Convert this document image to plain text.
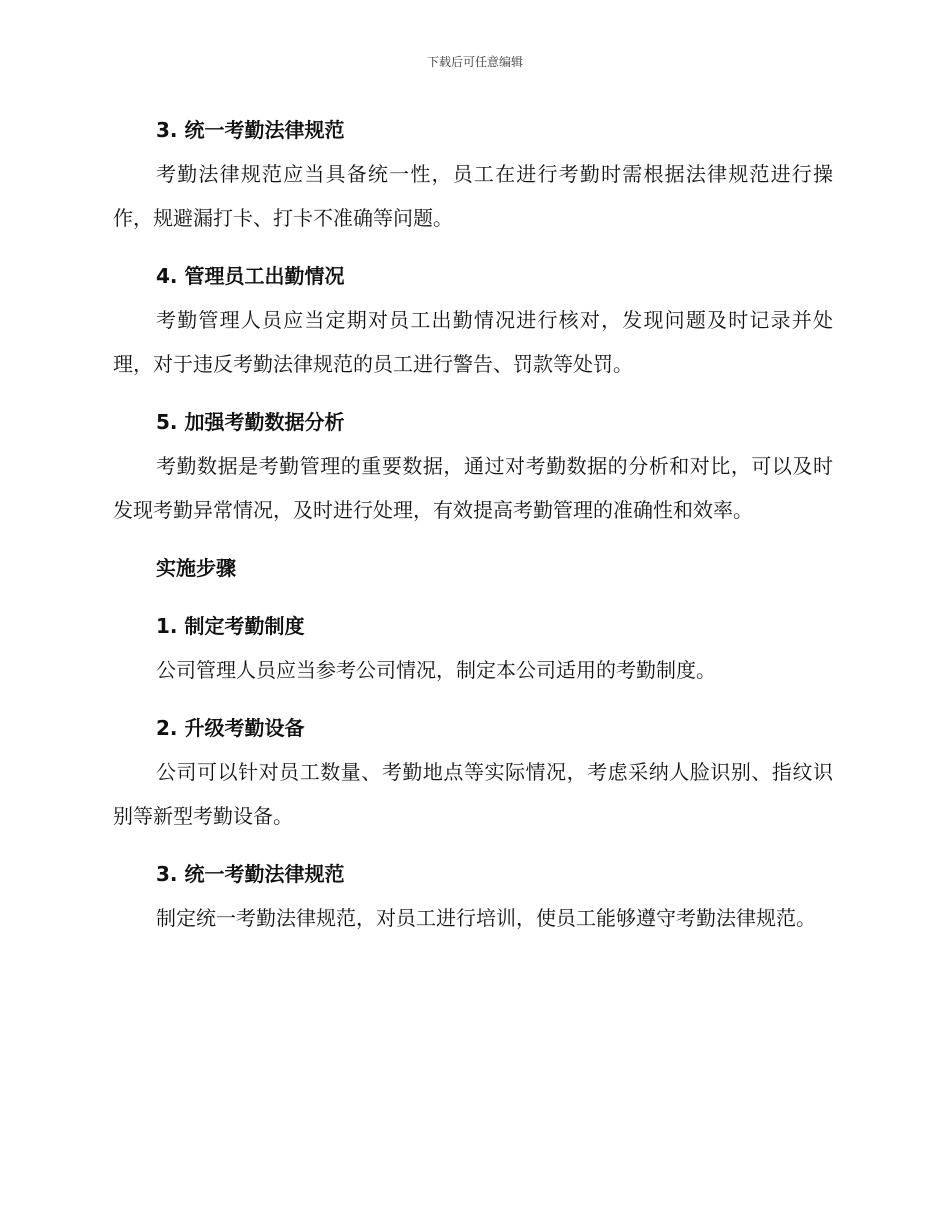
下载后可任意编辑
3. 统一考勤法律规范

考勤法律规范应当具备统一性，员工在进行考勤时需根据法律规范进行操作，规避漏打卡、打卡不准确等问题。

4. 管理员工出勤情况

考勤管理人员应当定期对员工出勤情况进行核对，发现问题及时记录并处理，对于违反考勤法律规范的员工进行警告、罚款等处罚。

5. 加强考勤数据分析

考勤数据是考勤管理的重要数据，通过对考勤数据的分析和对比，可以及时发现考勤异常情况，及时进行处理，有效提高考勤管理的准确性和效率。

实施步骤
1. 制定考勤制度

公司管理人员应当参考公司情况，制定本公司适用的考勤制度。

2. 升级考勤设备

公司可以针对员工数量、考勤地点等实际情况，考虑采纳人脸识别、指纹识别等新型考勤设备。

3. 统一考勤法律规范

制定统一考勤法律规范，对员工进行培训，使员工能够遵守考勤法律规范。
